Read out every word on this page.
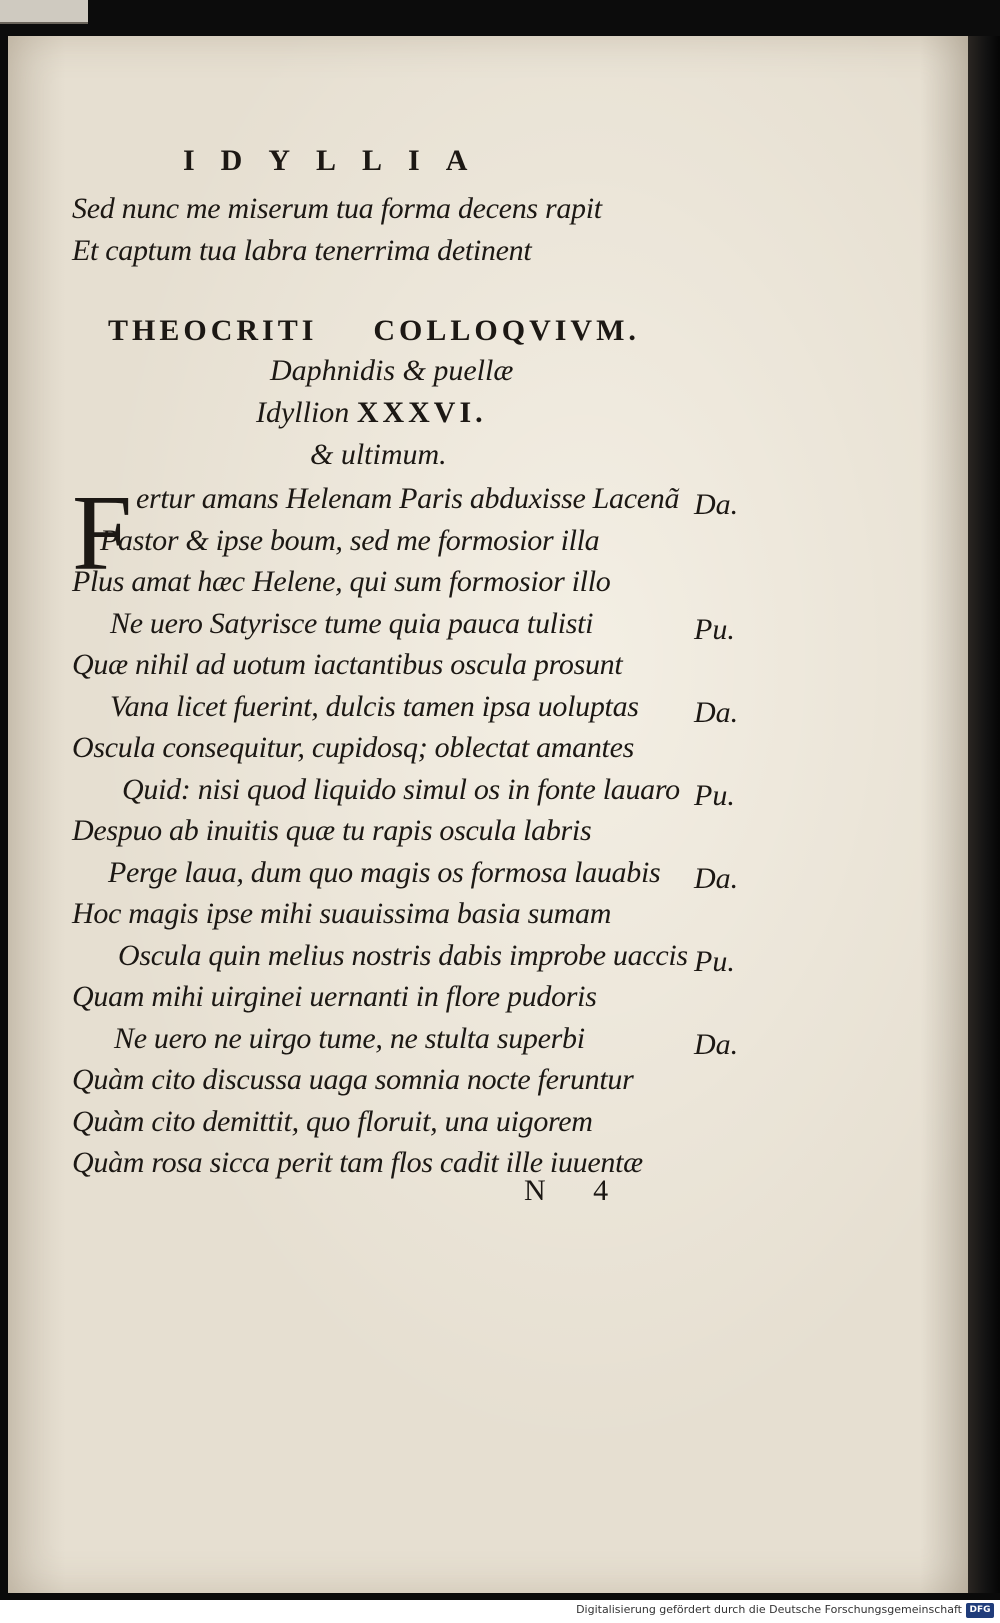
IDYLLIA
Sed nunc me miserum tua forma decens rapit
Et captum tua labra tenerrima detinent
THEOCRITI COLLOQVIVM.
Daphnidis & puellæ
Idyllion XXXVI.
& ultimum.
F ertur amans Helenam Paris abduxisse Lacenã Da.
Pastor & ipse boum, sed me formosior illa
Plus amat hæc Helene, qui sum formosior illo
Ne uero Satyrisce tume quia pauca tulisti	Pu.
Quæ nihil ad uotum iactantibus oscula prosunt
Vana licet fuerint, dulcis tamen ipsa uoluptas Da.
Oscula consequitur, cupidosq; oblectat amantes
Quid: nisi quod liquido simul os in fonte lauaro Pu.
Despuo ab inuitis quæ tu rapis oscula labris
Perge laua, dum quo magis os formosa lauabis Da.
Hoc magis ipse mihi suauissima basia sumam
Oscula quin melius nostris dabis improbe uaccis Pu.
Quam mihi uirginei uernanti in flore pudoris
Ne uero ne uirgo tume, ne stulta superbi	Da.
Quàm cito discussa uaga somnia nocte feruntur
Quàm cito demittit, quo floruit, una uigorem
Quàm rosa sicca perit tam flos cadit ille iuuentæ
N 4
Digitalisierung gefördert durch die Deutsche Forschungsgemeinschaft DFG
